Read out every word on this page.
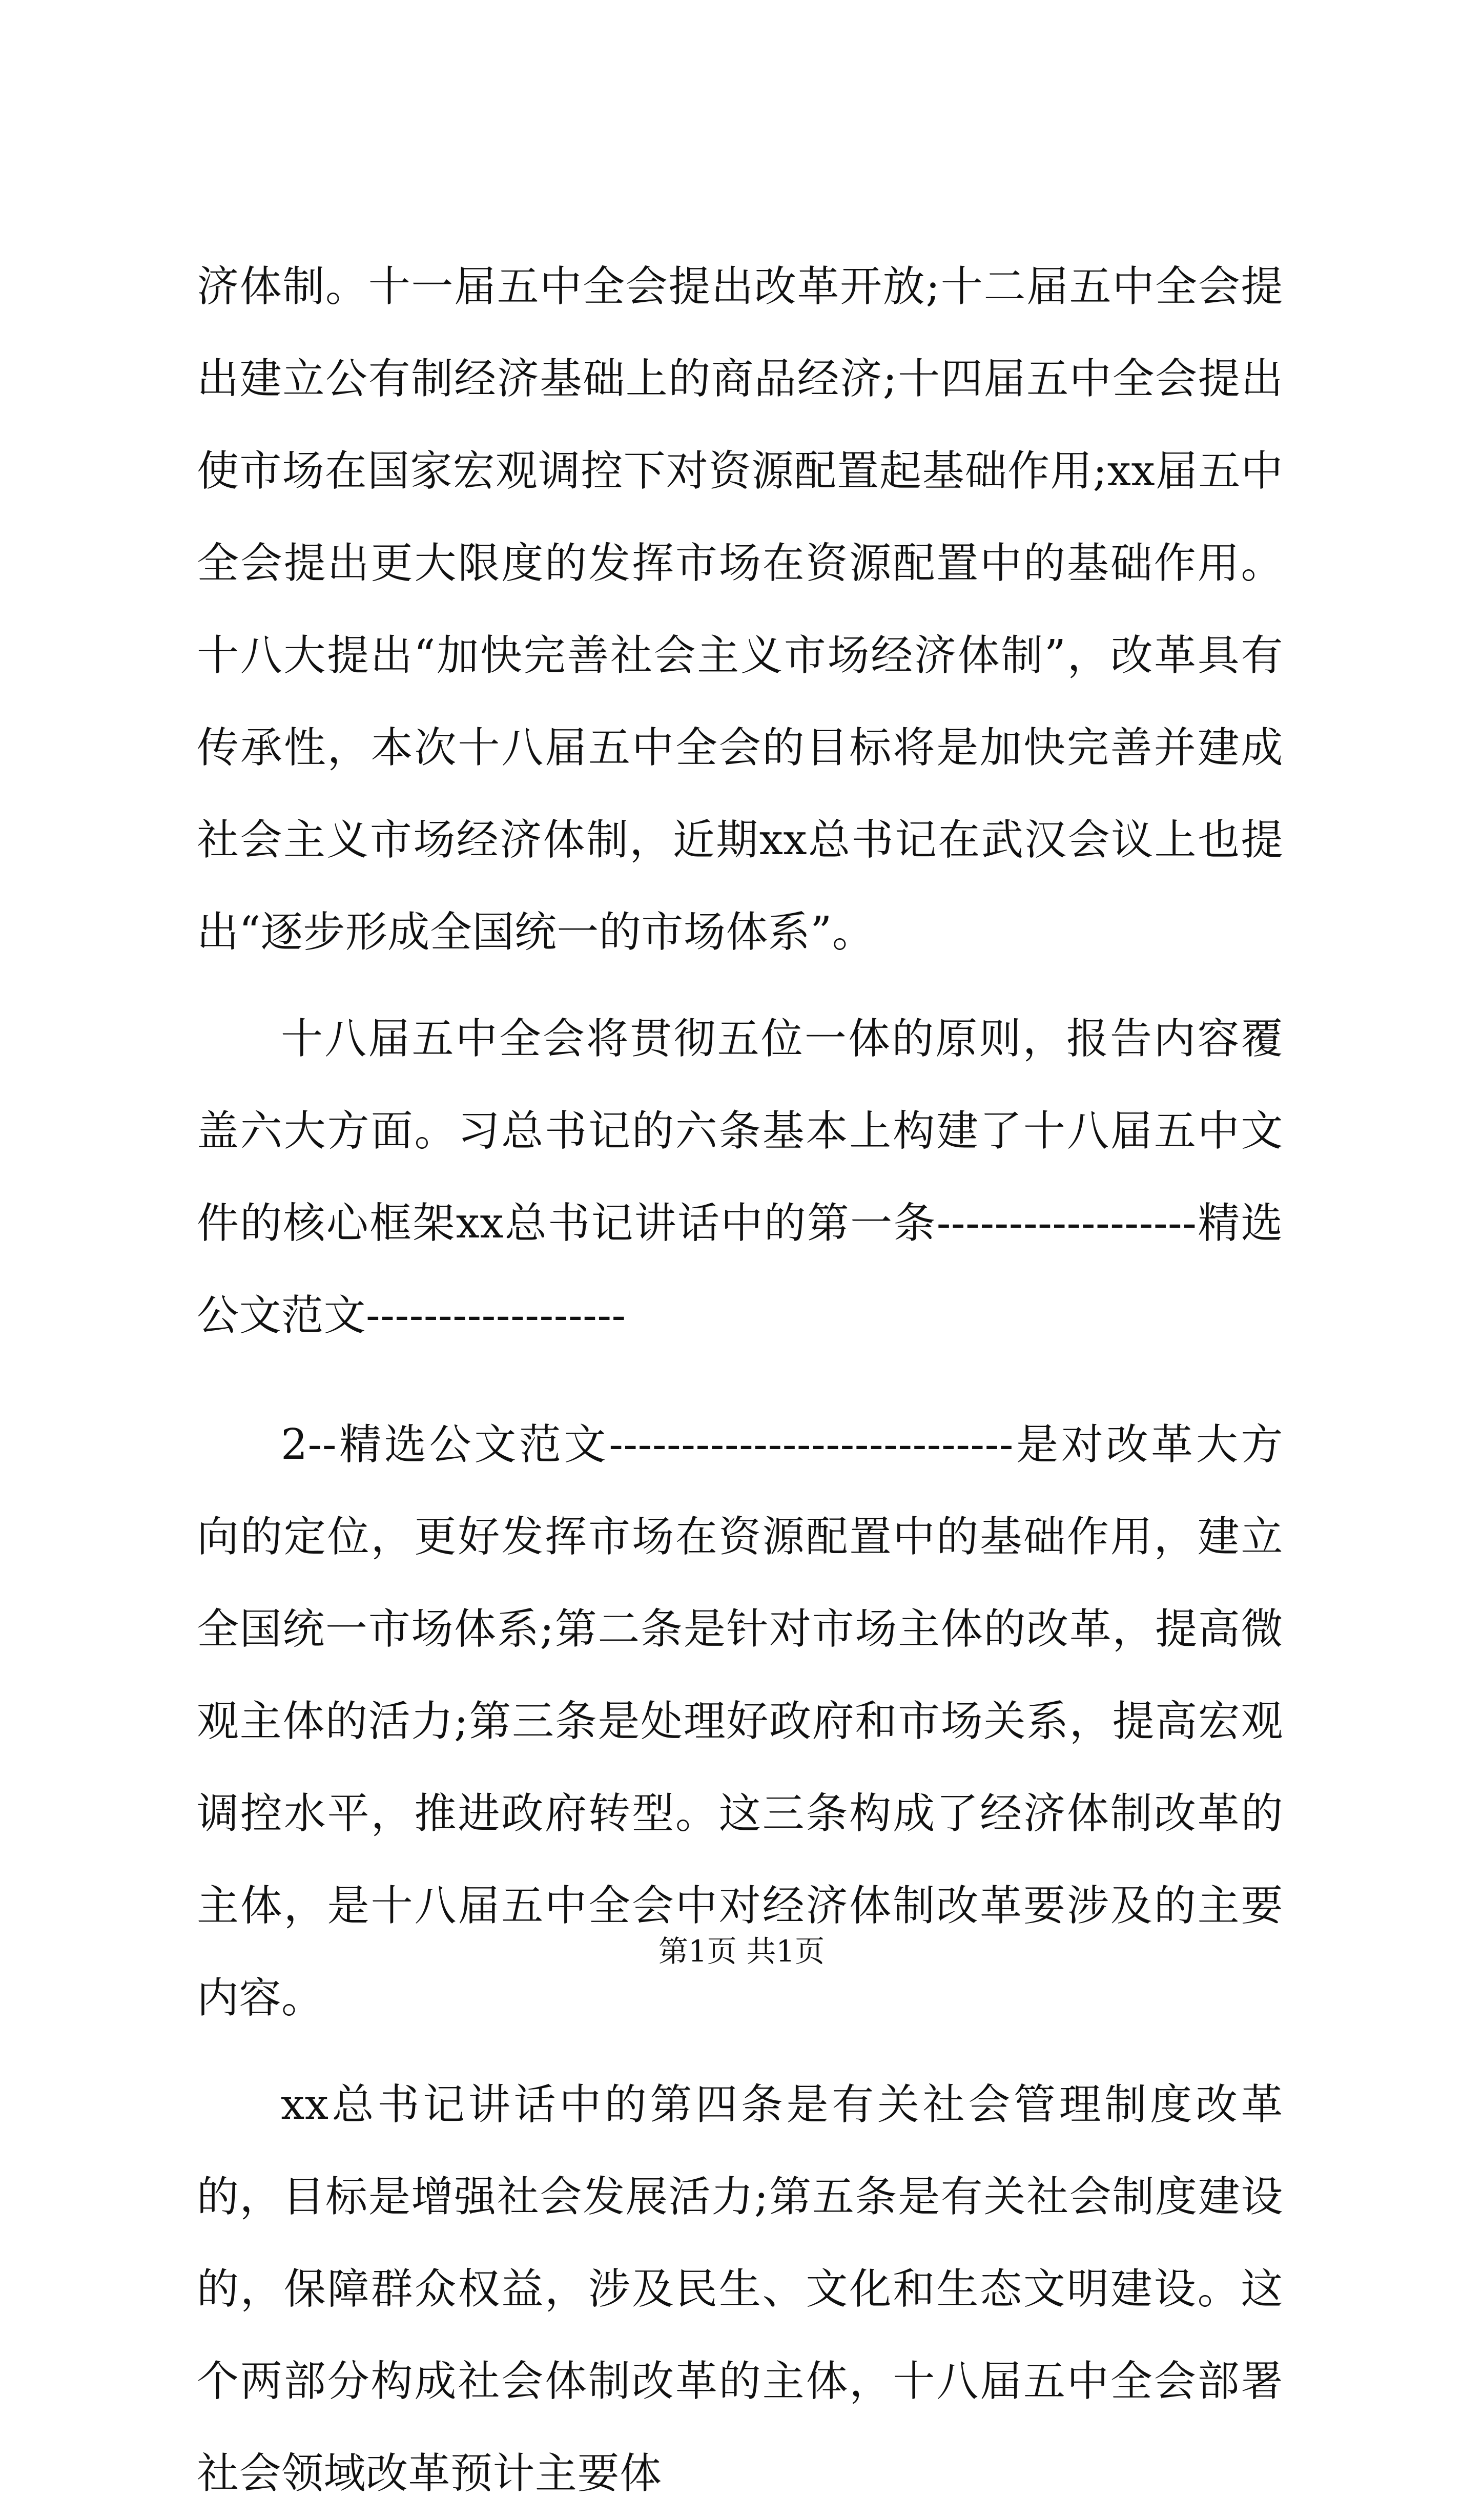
济体制。十一届五中全会提出改革开放;十二届五中全会提出建立公有制经济基础上的商品经济;十四届五中全会提出使市场在国家宏观调控下对资源配置起基础作用;xx届五中全会提出更大限度的发挥市场在资源配置中的基础作用。十八大提出“加快完善社会主义市场经济体制”，改革具有传承性，本次十八届五中全会的目标将是加快完善并建成社会主义市场经济体制，近期xx总书记在武汉会议上也提出“逐步形成全国统一的市场体系”。

十八届五中全会将贯彻五位一体的原则，报告内容覆盖六大方面。习总书记的六条基本上构建了十八届五中文件的核心框架xx总书记讲话中的第一条------------------精选公文范文------------------

2--精选公文范文----------------------------是对改革大方向的定位，更好发挥市场在资源配置中的基础作用，建立全国统一市场体系;第二条是针对市场主体的改革，提高微观主体的活力;第三条是处理好政府和市场关系，提高宏观调控水平，推进政府转型。这三条构成了经济体制改革的主体，是十八届五中全会中对经济体制改革要涉及的主要内容。

xx总书记讲话中的第四条是有关社会管理制度改革的，目标是增强社会发展活力;第五条是有关社会制度建设的，保障群众权益，涉及民生、文化和生态文明建设。这个两部分构成社会体制改革的主体，十八届五中全会部署社会领域改革预计主要体

第1页 共1页
